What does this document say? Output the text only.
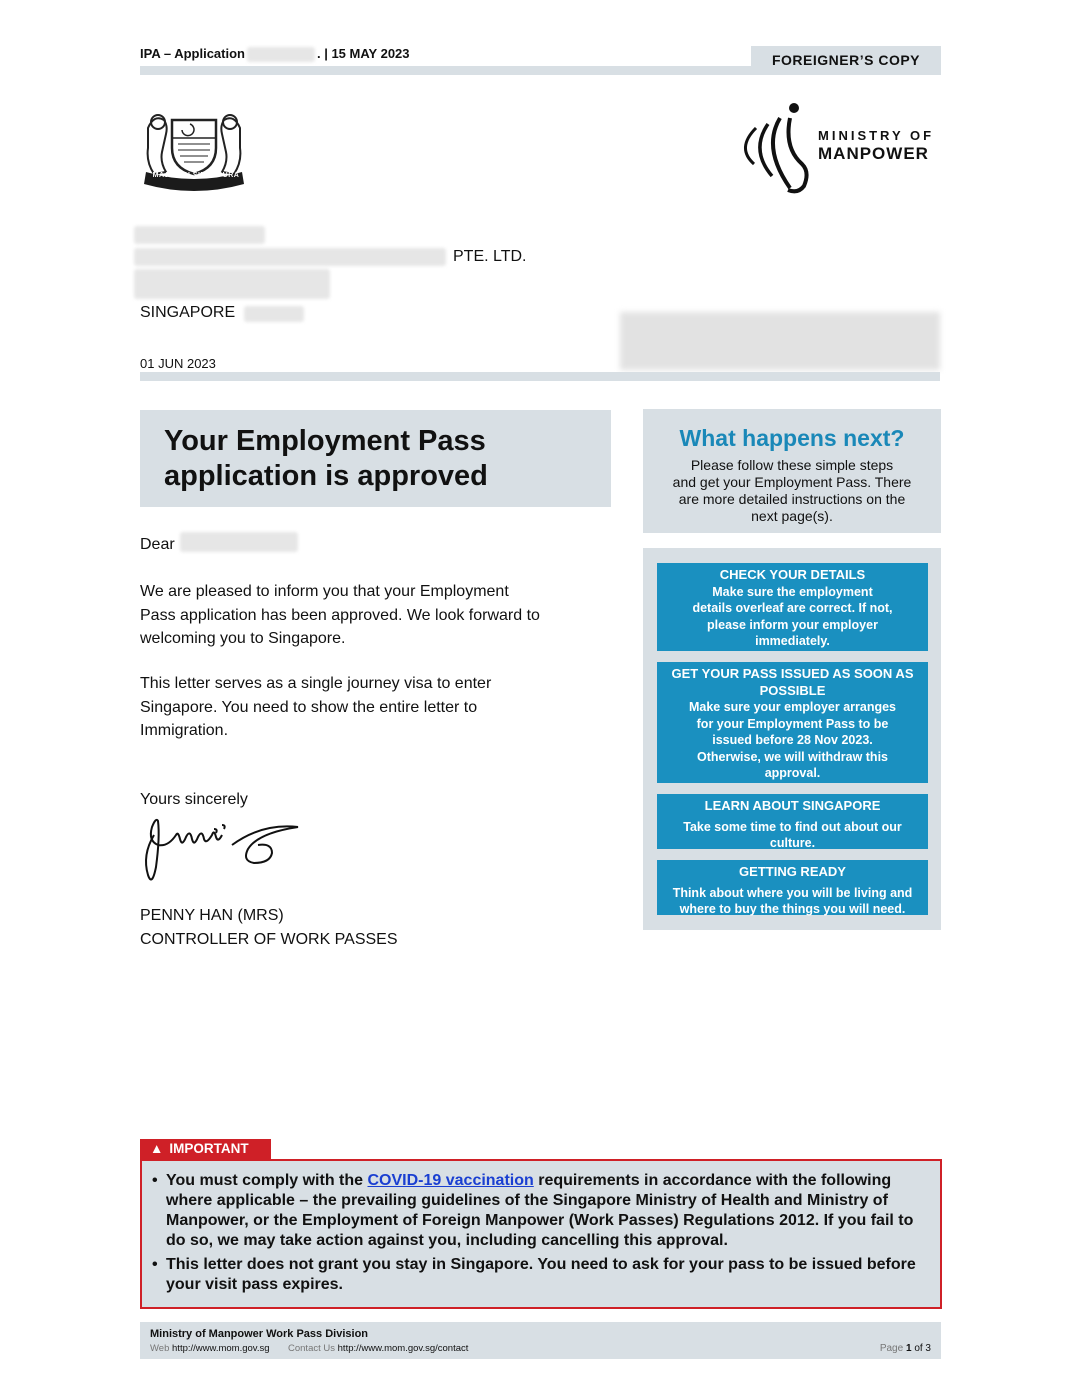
IPA – Application	. | 15 MAY 2023	FOREIGNER’S COPY
MAJULAH SINGAPURA
MINISTRY OF
MANPOWER
PTE. LTD.
SINGAPORE
01 JUN 2023
Your Employment Pass
application is approved
Dear
We are pleased to inform you that your Employment
Pass application has been approved. We look forward to
welcoming you to Singapore.
This letter serves as a single journey visa to enter
Singapore. You need to show the entire letter to
Immigration.
Yours sincerely
PENNY HAN (MRS)
CONTROLLER OF WORK PASSES
What happens next?
Please follow these simple steps
and get your Employment Pass. There
are more detailed instructions on the
next page(s).
CHECK YOUR DETAILS
Make sure the employment
details overleaf are correct. If not,
please inform your employer
immediately.
GET YOUR PASS ISSUED AS SOON AS
POSSIBLE
Make sure your employer arranges
for your Employment Pass to be
issued before 28 Nov 2023.
Otherwise, we will withdraw this
approval.
LEARN ABOUT SINGAPORE
Take some time to find out about our
culture.
GETTING READY
Think about where you will be living and
where to buy the things you will need.
▲ IMPORTANT
• You must comply with the COVID-19 vaccination requirements in accordance with the following where applicable – the prevailing guidelines of the Singapore Ministry of Health and Ministry of Manpower, or the Employment of Foreign Manpower (Work Passes) Regulations 2012. If you fail to do so, we may take action against you, including cancelling this approval.
• This letter does not grant you stay in Singapore. You need to ask for your pass to be issued before your visit pass expires.
Ministry of Manpower Work Pass Division
Web http://www.mom.gov.sg Contact Us http://www.mom.gov.sg/contact	Page 1 of 3
